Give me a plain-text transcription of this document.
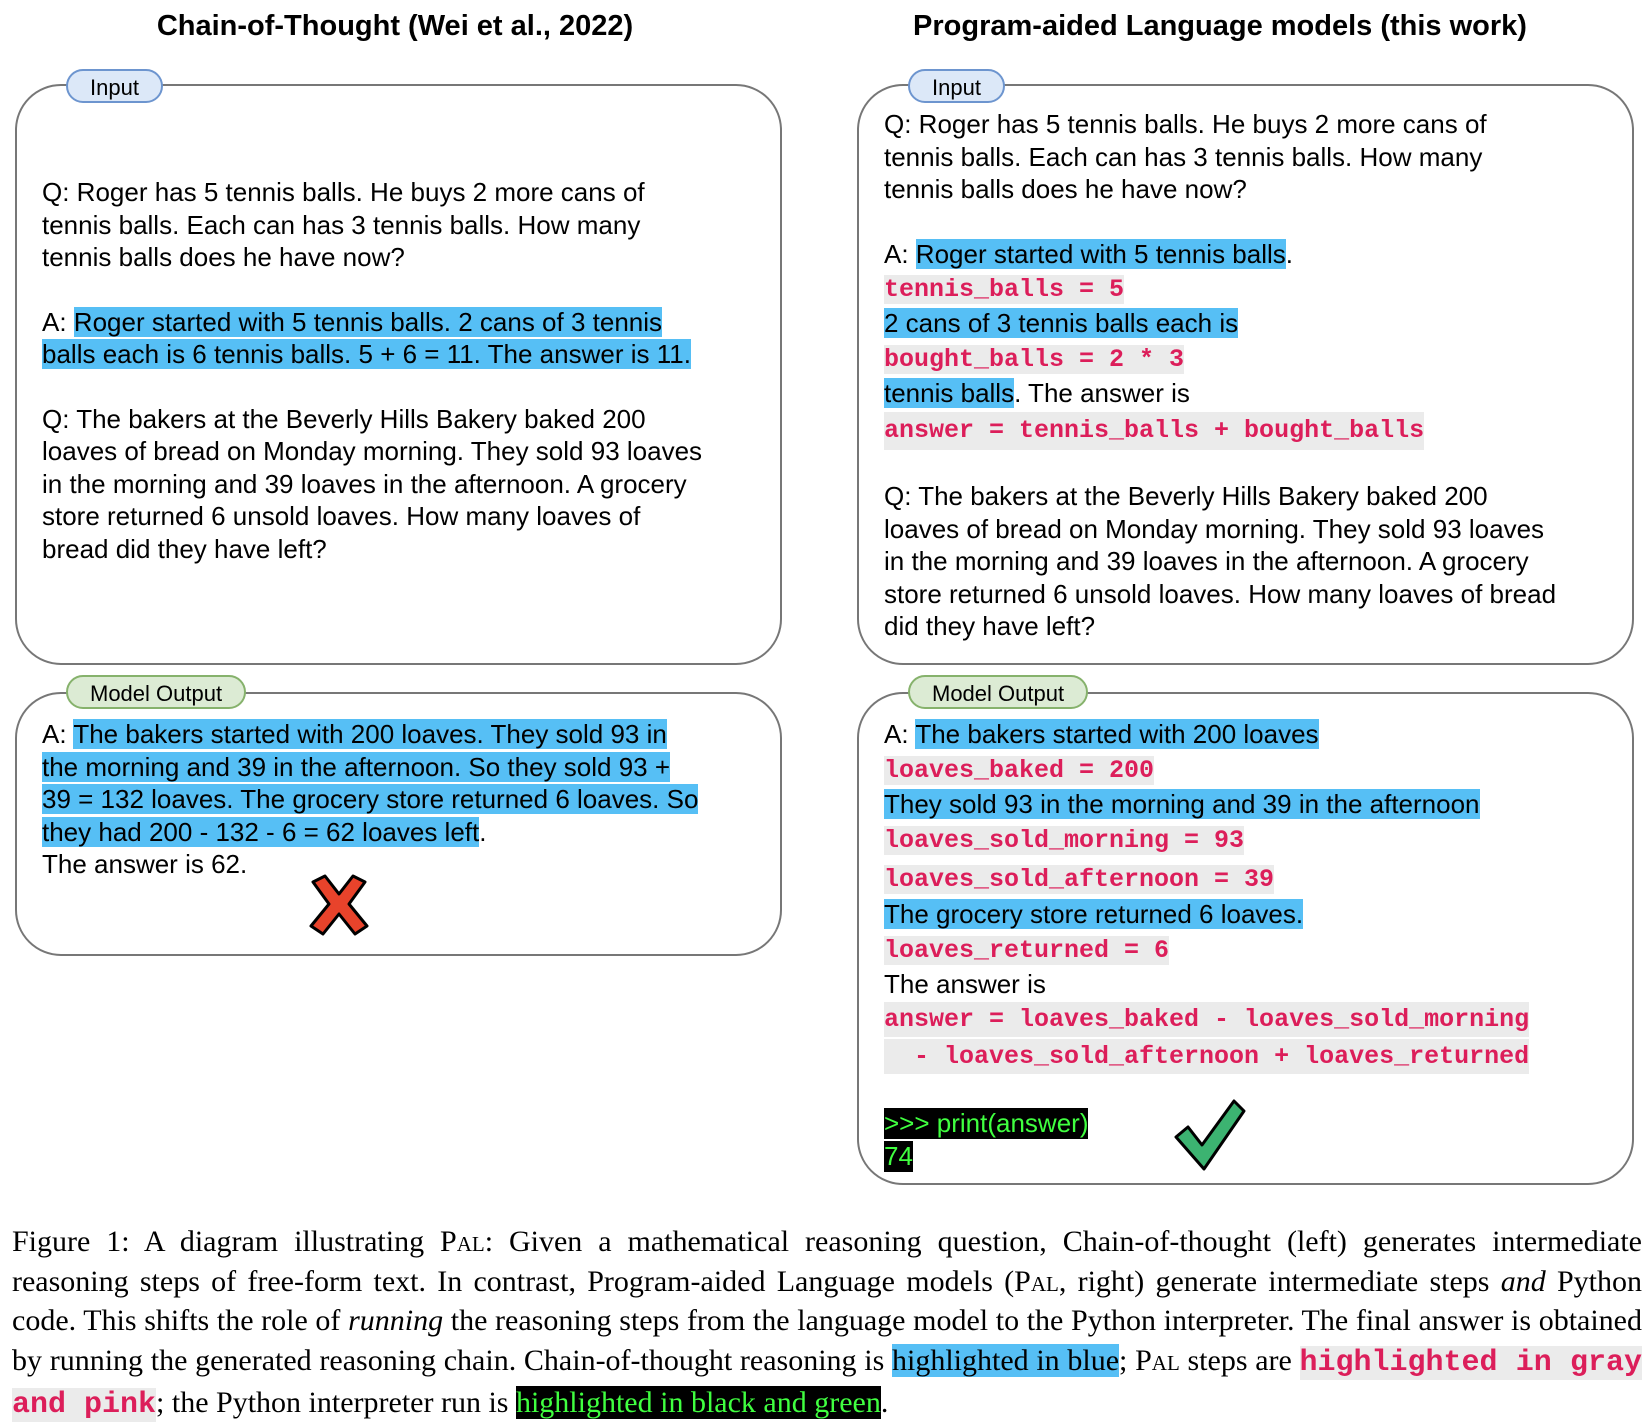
Chain-of-Thought (Wei et al., 2022)	Program-aided Language models (this work)
Input

Q: Roger has 5 tennis balls. He buys 2 more cans of

tennis balls. Each can has 3 tennis balls. How many

tennis balls does he have now?

A: Roger started with 5 tennis balls. 2 cans of 3 tennis

balls each is 6 tennis balls. 5 + 6 = 11. The answer is 11.

Q: The bakers at the Beverly Hills Bakery baked 200

loaves of bread on Monday morning. They sold 93 loaves

in the morning and 39 loaves in the afternoon. A grocery

store returned 6 unsold loaves. How many loaves of

bread did they have left?

Model Output

A: The bakers started with 200 loaves. They sold 93 in

the morning and 39 in the afternoon. So they sold 93 +

39 = 132 loaves. The grocery store returned 6 loaves. So

they had 200 - 132 - 6 = 62 loaves left.

The answer is 62.

Input

Q: Roger has 5 tennis balls. He buys 2 more cans of

tennis balls. Each can has 3 tennis balls. How many

tennis balls does he have now?

A: Roger started with 5 tennis balls.

tennis_balls = 5

2 cans of 3 tennis balls each is

bought_balls = 2 * 3

tennis balls. The answer is

answer = tennis_balls + bought_balls

Q: The bakers at the Beverly Hills Bakery baked 200

loaves of bread on Monday morning. They sold 93 loaves

in the morning and 39 loaves in the afternoon. A grocery

store returned 6 unsold loaves. How many loaves of bread

did they have left?

Model Output

A: The bakers started with 200 loaves

loaves_baked = 200

They sold 93 in the morning and 39 in the afternoon

loaves_sold_morning = 93

loaves_sold_afternoon = 39

The grocery store returned 6 loaves.

loaves_returned = 6

The answer is

answer = loaves_baked - loaves_sold_morning

- loaves_sold_afternoon + loaves_returned

>>> print(answer)

74

Figure 1: A diagram illustrating Pal: Given a mathematical reasoning question, Chain-of-thought (left) generates intermediate reasoning steps of free-form text. In contrast, Program-aided Language models (Pal, right) generate intermediate steps and Python code. This shifts the role of running the reasoning steps from the language model to the Python interpreter. The final answer is obtained by running the generated reasoning chain. Chain-of-thought reasoning is highlighted in blue; Pal steps are highlighted in gray and pink; the Python interpreter run is highlighted in black and green.
